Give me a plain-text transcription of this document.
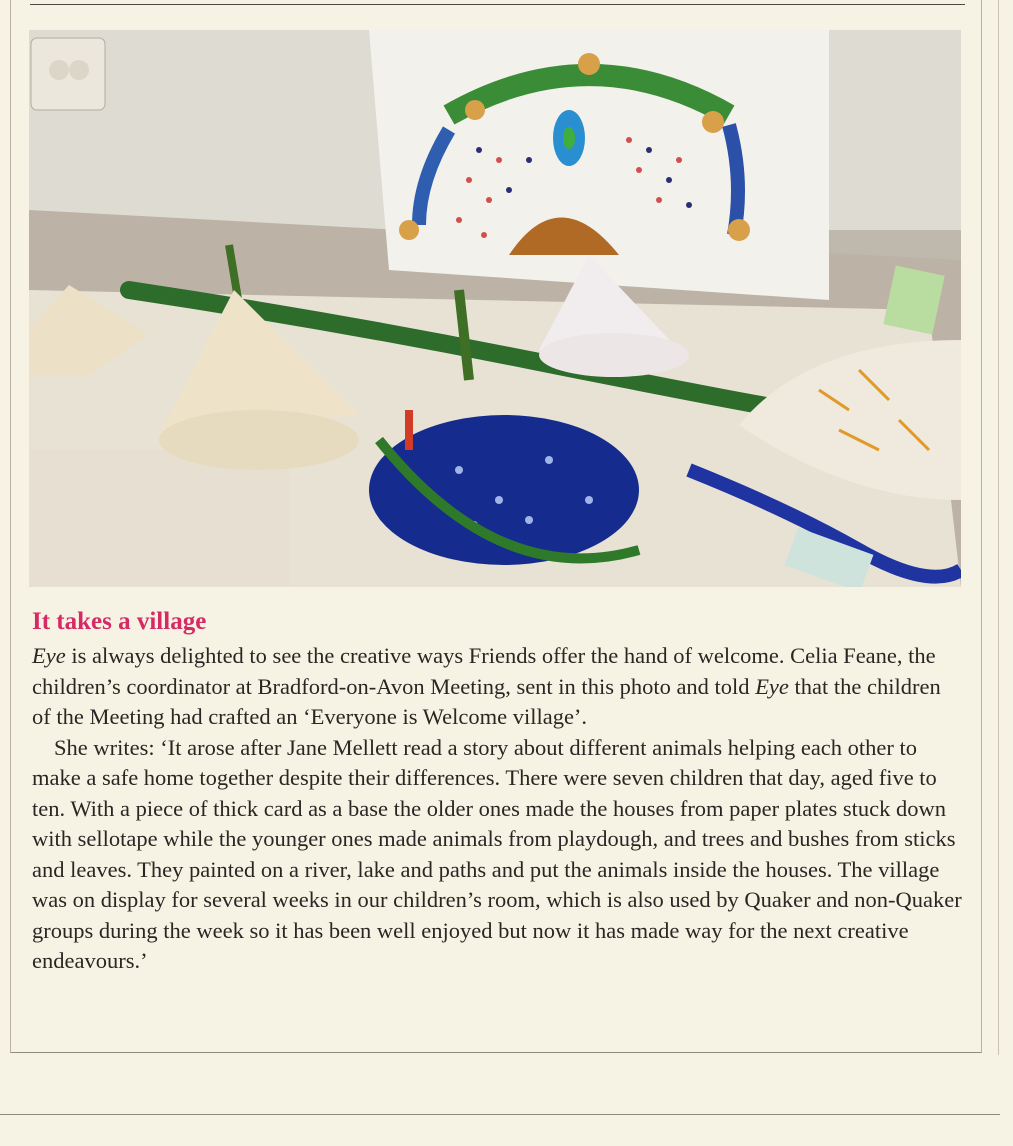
It takes a village

Eye is always delighted to see the creative ways Friends offer the hand of welcome. Celia Feane, the children’s coordinator at Bradford-on-Avon Meeting, sent in this photo and told Eye that the children of the Meeting had crafted an ‘Everyone is Welcome village’.

She writes: ‘It arose after Jane Mellett read a story about different animals helping each other to make a safe home together despite their differences. There were seven children that day, aged five to ten. With a piece of thick card as a base the older ones made the houses from paper plates stuck down with sellotape while the younger ones made animals from playdough, and trees and bushes from sticks and leaves. They painted on a river, lake and paths and put the animals inside the houses. The village was on display for several weeks in our children’s room, which is also used by Quaker and non-Quaker groups during the week so it has been well enjoyed but now it has made way for the next creative endeavours.’
